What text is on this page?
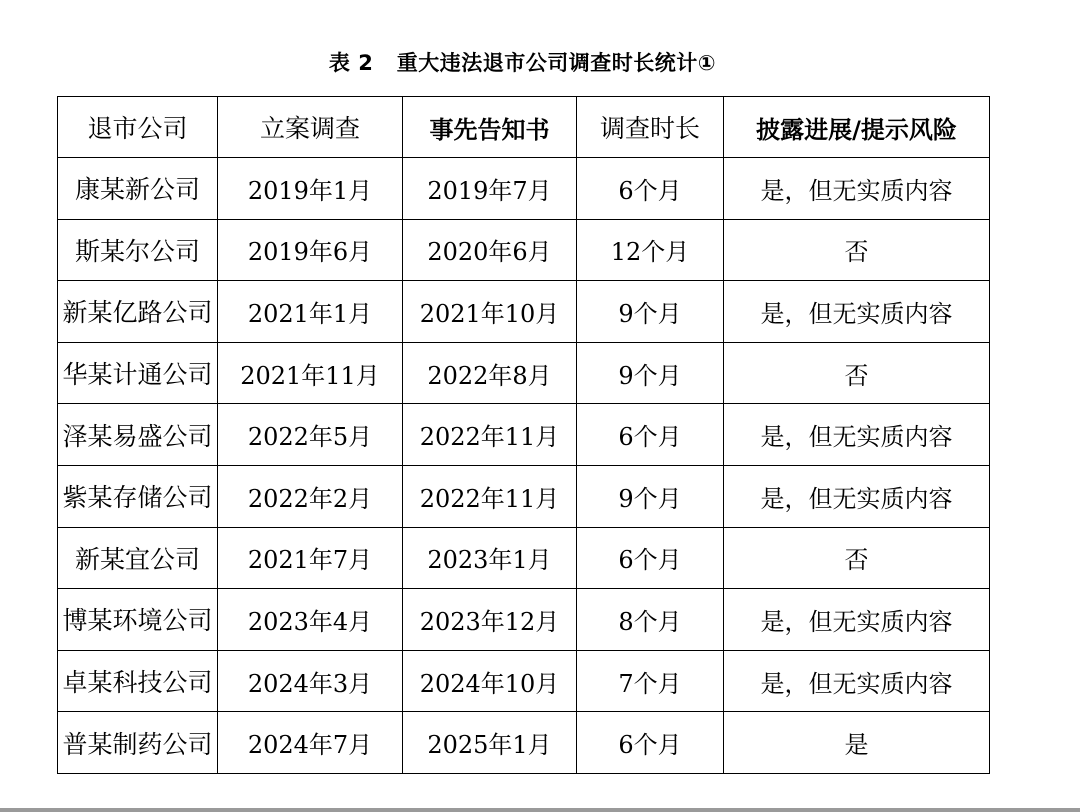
表 2   重大违法退市公司调查时长统计①
退市公司	立案调查	事先告知书	调查时长	披露进展/提示风险
康某新公司	2019年1月	2019年7月	6个月	是，但无实质内容
斯某尔公司	2019年6月	2020年6月	12个月	否
新某亿路公司	2021年1月	2021年10月	9个月	是，但无实质内容
华某计通公司	2021年11月	2022年8月	9个月	否
泽某易盛公司	2022年5月	2022年11月	6个月	是，但无实质内容
紫某存储公司	2022年2月	2022年11月	9个月	是，但无实质内容
新某宜公司	2021年7月	2023年1月	6个月	否
博某环境公司	2023年4月	2023年12月	8个月	是，但无实质内容
卓某科技公司	2024年3月	2024年10月	7个月	是，但无实质内容
普某制药公司	2024年7月	2025年1月	6个月	是
